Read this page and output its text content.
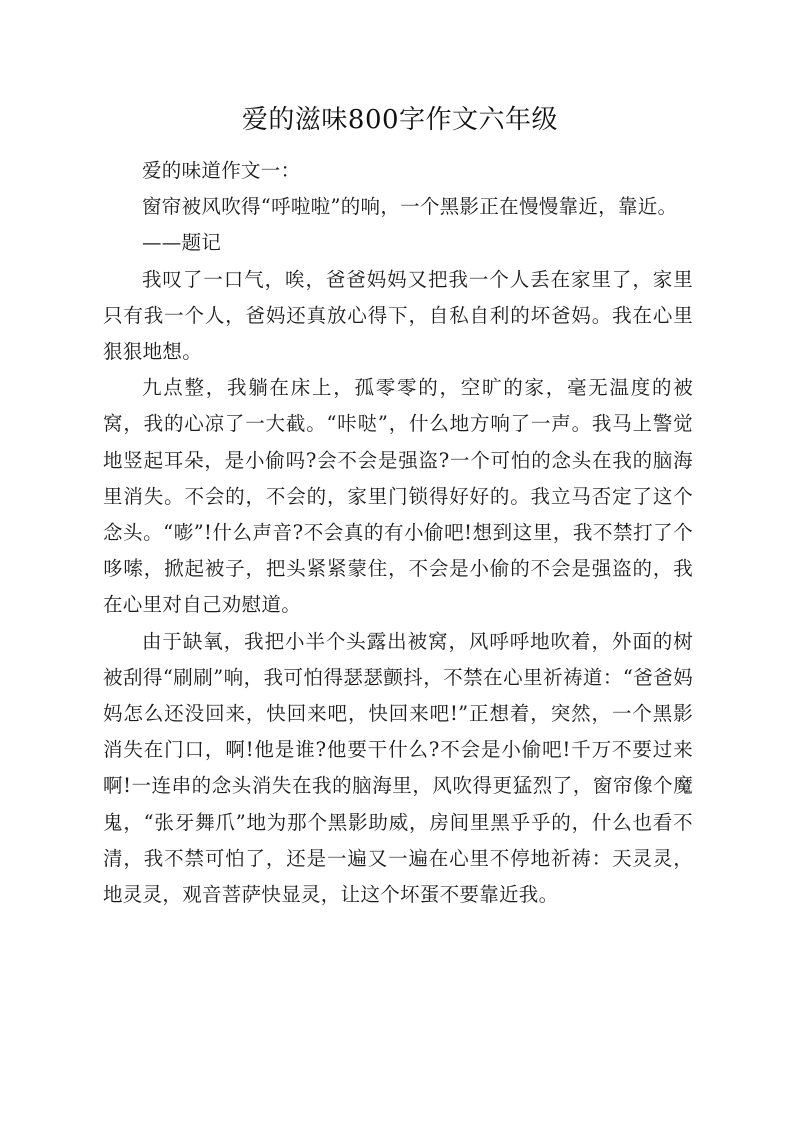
爱的滋味800字作文六年级

爱的味道作文一：

窗帘被风吹得“呼啦啦”的响，一个黑影正在慢慢靠近，靠近。

——题记

我叹了一口气，唉，爸爸妈妈又把我一个人丢在家里了，家里只有我一个人，爸妈还真放心得下，自私自利的坏爸妈。我在心里狠狠地想。

九点整，我躺在床上，孤零零的，空旷的家，毫无温度的被窝，我的心凉了一大截。“咔哒”，什么地方响了一声。我马上警觉地竖起耳朵，是小偷吗?会不会是强盗?一个可怕的念头在我的脑海里消失。不会的，不会的，家里门锁得好好的。我立马否定了这个念头。“嘭”!什么声音?不会真的有小偷吧!想到这里，我不禁打了个哆嗦，掀起被子，把头紧紧蒙住，不会是小偷的不会是强盗的，我在心里对自己劝慰道。

由于缺氧，我把小半个头露出被窝，风呼呼地吹着，外面的树被刮得“刷刷”响，我可怕得瑟瑟颤抖，不禁在心里祈祷道：“爸爸妈妈怎么还没回来，快回来吧，快回来吧!”正想着，突然，一个黑影消失在门口，啊!他是谁?他要干什么?不会是小偷吧!千万不要过来啊!一连串的念头消失在我的脑海里，风吹得更猛烈了，窗帘像个魔鬼，“张牙舞爪”地为那个黑影助威，房间里黑乎乎的，什么也看不清，我不禁可怕了，还是一遍又一遍在心里不停地祈祷：天灵灵，地灵灵，观音菩萨快显灵，让这个坏蛋不要靠近我。
